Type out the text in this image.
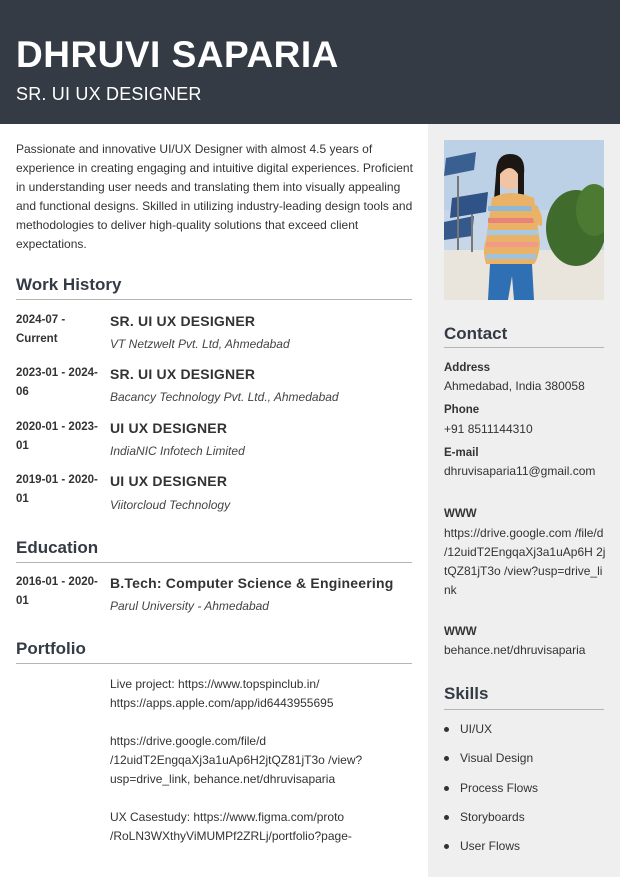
DHRUVI SAPARIA
SR. UI UX DESIGNER
Passionate and innovative UI/UX Designer with almost 4.5 years of experience in creating engaging and intuitive digital experiences. Proficient in understanding user needs and translating them into visually appealing and functional designs. Skilled in utilizing industry-leading design tools and methodologies to deliver high-quality solutions that exceed client expectations.
Work History
2024-07 - Current
SR. UI UX DESIGNER
VT Netzwelt Pvt. Ltd, Ahmedabad
2023-01 - 2024-06
SR. UI UX DESIGNER
Bacancy Technology Pvt. Ltd., Ahmedabad
2020-01 - 2023-01
UI UX DESIGNER
IndiaNIC Infotech Limited
2019-01 - 2020-01
UI UX DESIGNER
Viitorcloud Technology
Education
2016-01 - 2020-01
B.Tech: Computer Science & Engineering
Parul University - Ahmedabad
Portfolio

Live project: https://www.topspinclub.in/ https://apps.apple.com/app/id6443955695

https://drive.google.com/file/d /12uidT2EngqaXj3a1uAp6H2jtQZ81jT3o /view?usp=drive_link, behance.net/dhruvisaparia

UX Casestudy: https://www.figma.com/proto /RoLN3WXthyViMUMPf2ZRLj/portfolio?page-

Contact
Address
Ahmedabad, India 380058
Phone
+91 8511144310
E-mail
dhruvisaparia11@gmail.com
WWW
https://drive.google.com /file/d /12uidT2EngqaXj3a1uAp6H 2jtQZ81jT3o /view?usp=drive_link
WWW
behance.net/dhruvisaparia
Skills
UI/UX
Visual Design
Process Flows
Storyboards
User Flows
